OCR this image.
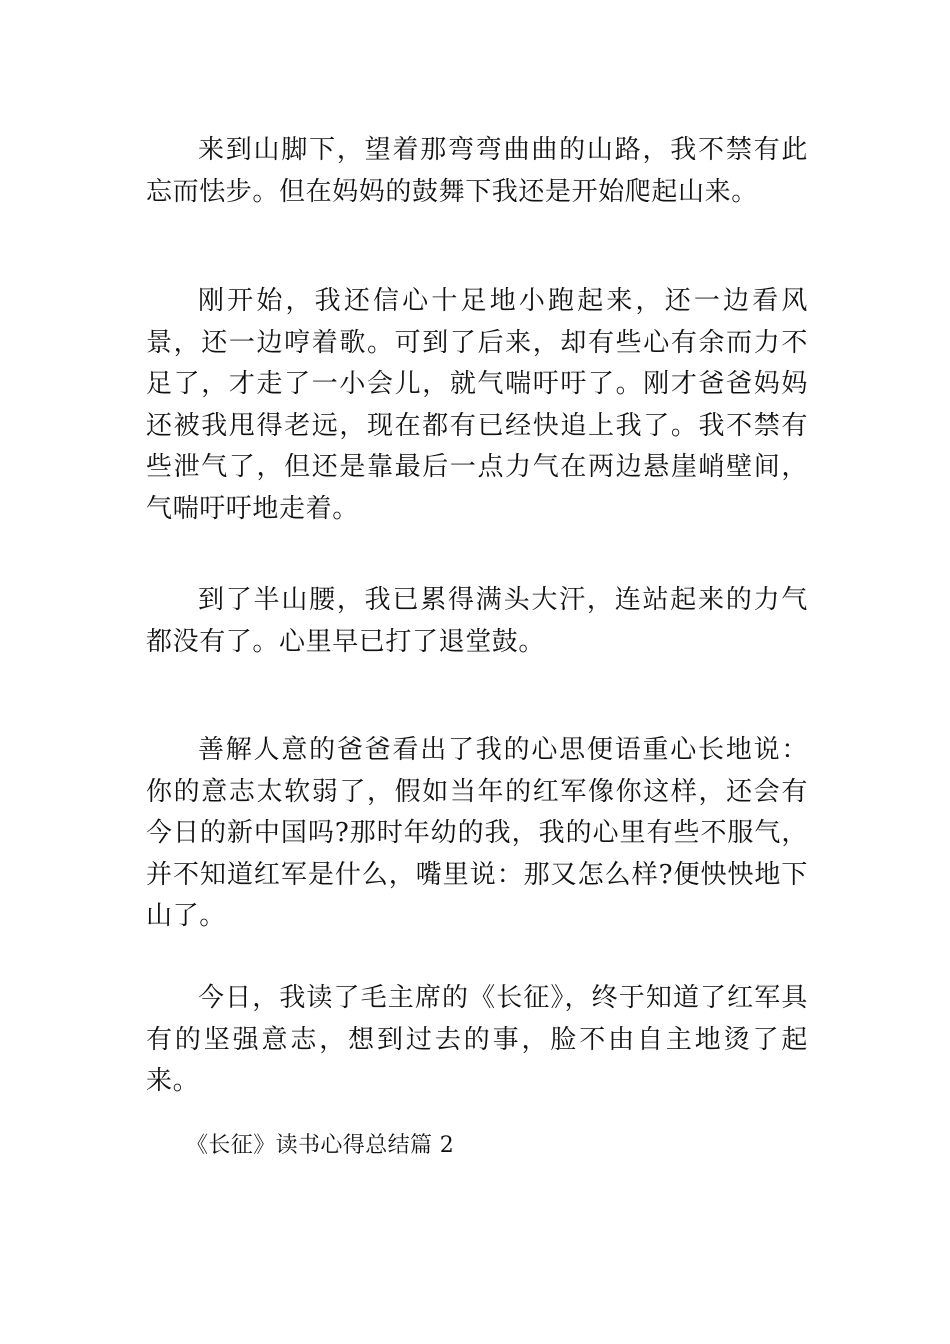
来到山脚下，望着那弯弯曲曲的山路，我不禁有此忘而怯步。但在妈妈的鼓舞下我还是开始爬起山来。

刚开始，我还信心十足地小跑起来，还一边看风景，还一边哼着歌。可到了后来，却有些心有余而力不足了，才走了一小会儿，就气喘吁吁了。刚才爸爸妈妈还被我甩得老远，现在都有已经快追上我了。我不禁有些泄气了，但还是靠最后一点力气在两边悬崖峭壁间，气喘吁吁地走着。

到了半山腰，我已累得满头大汗，连站起来的力气都没有了。心里早已打了退堂鼓。

善解人意的爸爸看出了我的心思便语重心长地说：你的意志太软弱了，假如当年的红军像你这样，还会有今日的新中国吗?那时年幼的我，我的心里有些不服气，并不知道红军是什么，嘴里说：那又怎么样?便怏怏地下山了。

今日，我读了毛主席的《长征》，终于知道了红军具有的坚强意志，想到过去的事，脸不由自主地烫了起来。

《长征》读书心得总结篇 2
